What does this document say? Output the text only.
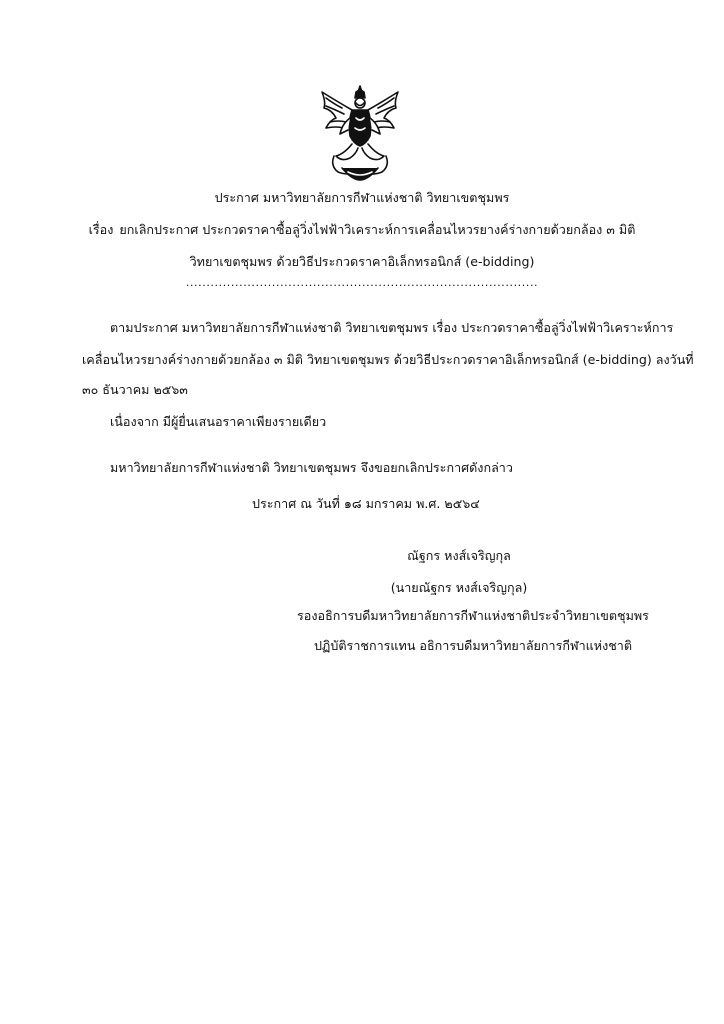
ประกาศ มหาวิทยาลัยการกีฬาแห่งชาติ วิทยาเขตชุมพร
เรื่อง ยกเลิกประกาศ ประกวดราคาซื้อลู่วิ่งไฟฟ้าวิเคราะห์การเคลื่อนไหวรยางค์ร่างกายด้วยกล้อง ๓ มิติ
วิทยาเขตชุมพร ด้วยวิธีประกวดราคาอิเล็กทรอนิกส์ (e-bidding)
......................................................................................
ตามประกาศ มหาวิทยาลัยการกีฬาแห่งชาติ วิทยาเขตชุมพร เรื่อง ประกวดราคาซื้อลู่วิ่งไฟฟ้าวิเคราะห์การ
เคลื่อนไหวรยางค์ร่างกายด้วยกล้อง ๓ มิติ วิทยาเขตชุมพร ด้วยวิธีประกวดราคาอิเล็กทรอนิกส์ (e-bidding) ลงวันที่
๓๐ ธันวาคม ๒๕๖๓
เนื่องจาก มีผู้ยื่นเสนอราคาเพียงรายเดียว
มหาวิทยาลัยการกีฬาแห่งชาติ วิทยาเขตชุมพร จึงขอยกเลิกประกาศดังกล่าว
ประกาศ ณ วันที่ ๑๘ มกราคม พ.ศ. ๒๕๖๔
ณัฐกร หงส์เจริญกุล
(นายณัฐกร หงส์เจริญกุล)
รองอธิการบดีมหาวิทยาลัยการกีฬาแห่งชาติประจำวิทยาเขตชุมพร
ปฏิบัติราชการแทน อธิการบดีมหาวิทยาลัยการกีฬาแห่งชาติ
